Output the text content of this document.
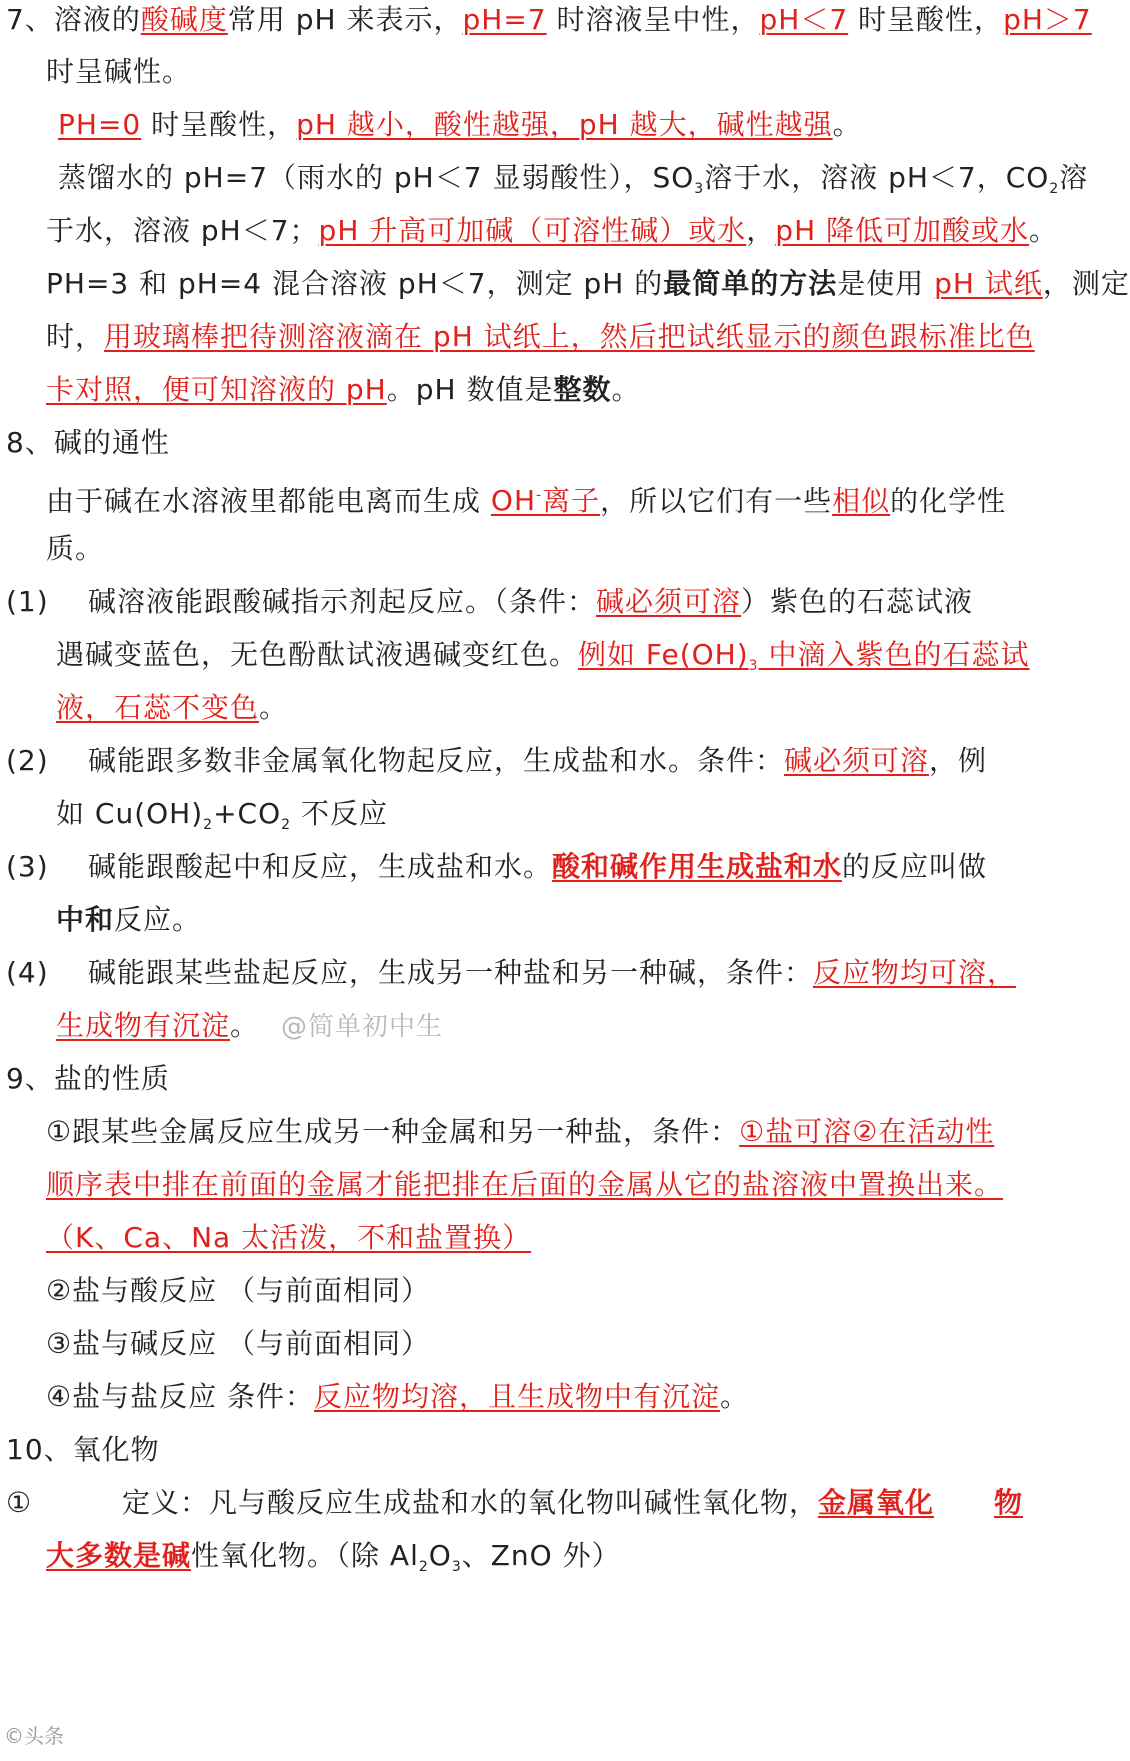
7、溶液的酸碱度常用 pH 来表示，pH=7 时溶液呈中性，pH＜7 时呈酸性，pH＞7
时呈碱性。
PH=0 时呈酸性，pH 越小，酸性越强，pH 越大，碱性越强。
蒸馏水的 pH=7（雨水的 pH＜7 显弱酸性），$SO_3$溶于水，溶液 pH＜7，$CO_2$溶
于水，溶液 pH＜7；pH 升高可加碱（可溶性碱）或水，pH 降低可加酸或水。
PH=3 和 pH=4 混合溶液 pH＜7，测定 pH 的最简单的方法是使用 pH 试纸，测定
时，用玻璃棒把待测溶液滴在 pH 试纸上，然后把试纸显示的颜色跟标准比色
卡对照，便可知溶液的 pH。pH 数值是整数。
8、碱的通性
由于碱在水溶液里都能电离而生成 OH-离子，所以它们有一些相似的化学性
质。
(1) 碱溶液能跟酸碱指示剂起反应。（条件：碱必须可溶）紫色的石蕊试液
遇碱变蓝色，无色酚酞试液遇碱变红色。例如 $Fe(OH)_3$ 中滴入紫色的石蕊试
液，石蕊不变色。
(2) 碱能跟多数非金属氧化物起反应，生成盐和水。条件：碱必须可溶，例
如 $Cu(OH)_2+CO_2$ 不反应
(3) 碱能跟酸起中和反应，生成盐和水。酸和碱作用生成盐和水的反应叫做
中和反应。
(4) 碱能跟某些盐起反应，生成另一种盐和另一种碱，条件：反应物均可溶，
生成物有沉淀。 @简单初中生
9、盐的性质
①跟某些金属反应生成另一种金属和另一种盐，条件：①盐可溶②在活动性
顺序表中排在前面的金属才能把排在后面的金属从它的盐溶液中置换出来。
（K、Ca、Na 太活泼，不和盐置换）
②盐与酸反应 （与前面相同）
③盐与碱反应 （与前面相同）
④盐与盐反应 条件：反应物均溶，且生成物中有沉淀。
10、氧化物
①	定义：凡与酸反应生成盐和水的氧化物叫碱性氧化物，金属氧化 物
大多数是碱性氧化物。（除 $Al_2O_3$、ZnO 外）
©头条
